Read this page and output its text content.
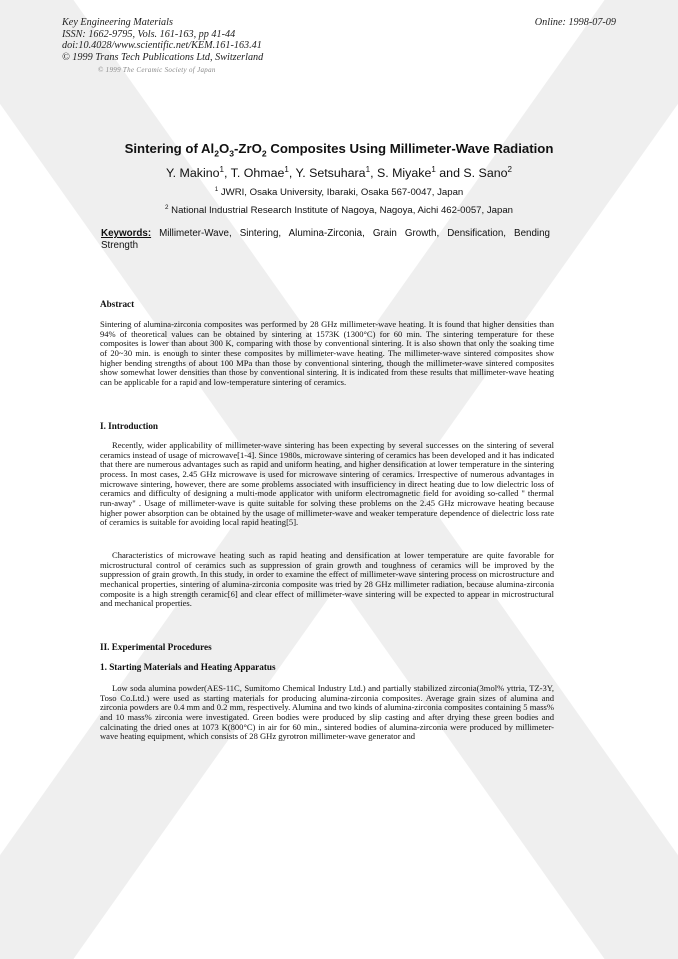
Key Engineering Materials
ISSN: 1662-9795, Vols. 161-163, pp 41-44
doi:10.4028/www.scientific.net/KEM.161-163.41
© 1999 Trans Tech Publications Ltd, Switzerland
Online: 1998-07-09
© 1999 The Ceramic Society of Japan
Sintering of $Al_2O_3-ZrO_2$ Composites Using Millimeter-Wave Radiation
Y. Makino$^1$, T. Ohmae$^1$, Y. Setsuhara$^1$, S. Miyake$^1$ and S. Sano$^2$
$^1$ JWRI, Osaka University, Ibaraki, Osaka 567-0047, Japan
$^2$ National Industrial Research Institute of Nagoya, Nagoya, Aichi 462-0057, Japan
Keywords: Millimeter-Wave, Sintering, Alumina-Zirconia, Grain Growth, Densification, Bending Strength
Abstract

Sintering of alumina-zirconia composites was performed by 28 GHz millimeter-wave heating. It is found that higher densities than 94% of theoretical values can be obtained by sintering at 1573K (1300°C) for 60 min. The sintering temperature for these composites is lower than about 300 K, comparing with those by conventional sintering. It is also shown that only the soaking time of 20~30 min. is enough to sinter these composites by millimeter-wave heating. The millimeter-wave sintered composites show higher bending strengths of about 100 MPa than those by conventional sintering, though the millimeter-wave sintered composites show somewhat lower densities than those by conventional sintering. It is indicated from these results that millimeter-wave heating can be applicable for a rapid and low-temperature sintering of ceramics.

I. Introduction

Recently, wider applicability of millimeter-wave sintering has been expecting by several successes on the sintering of several ceramics instead of usage of microwave[1-4]. Since 1980s, microwave sintering of ceramics has been developed and it has indicated that there are numerous advantages such as rapid and uniform heating, and higher densification at lower temperature in the sintering process. In most cases, 2.45 GHz microwave is used for microwave sintering of ceramics. Irrespective of numerous advantages in microwave sintering, however, there are some problems associated with insufficiency in direct heating due to low dielectric loss of ceramics and difficulty of designing a multi-mode applicator with uniform electromagnetic field for avoiding so-called " thermal run-away" . Usage of millimeter-wave is quite suitable for solving these problems on the 2.45 GHz microwave heating because higher power absorption can be obtained by the usage of millimeter-wave and weaker temperature dependence of dielectric loss rate of ceramics is suitable for avoiding local rapid heating[5].

Characteristics of microwave heating such as rapid heating and densification at lower temperature are quite favorable for microstructural control of ceramics such as suppression of grain growth and toughness of ceramics will be improved by the suppression of grain growth. In this study, in order to examine the effect of millimeter-wave sintering process on microstructure and mechanical properties, sintering of alumina-zirconia composite was tried by 28 GHz millimeter radiation, because alumina-zirconia composite is a high strength ceramic[6] and clear effect of millimeter-wave sintering will be expected to appear in microstructural and mechanical properties.

II. Experimental Procedures
1. Starting Materials and Heating Apparatus

Low soda alumina powder(AES-11C, Sumitomo Chemical Industry Ltd.) and partially stabilized zirconia(3mol% yttria, TZ-3Y, Toso Co.Ltd.) were used as starting materials for producing alumina-zirconia composites. Average grain sizes of alumina and zirconia powders are 0.4 mm and 0.2 mm, respectively. Alumina and two kinds of alumina-zirconia composites containing 5 mass% and 10 mass% zirconia were investigated. Green bodies were produced by slip casting and after drying these green bodies and calcinating the dried ones at 1073 K(800°C) in air for 60 min., sintered bodies of alumina-zirconia were produced by millimeter-wave heating equipment, which consists of 28 GHz gyrotron millimeter-wave generator and
